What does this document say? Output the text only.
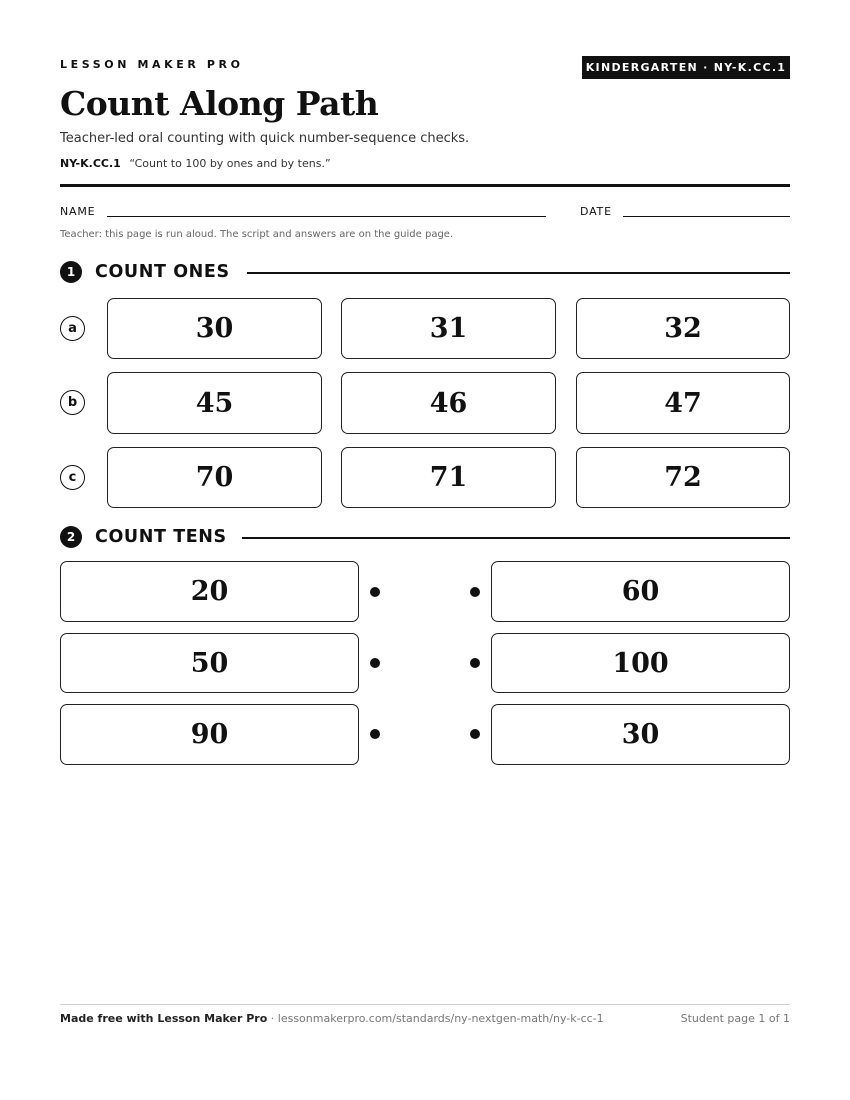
LESSON MAKER PRO	KINDERGARTEN · NY-K.CC.1
Count Along Path
Teacher-led oral counting with quick number-sequence checks.
NY-K.CC.1 “Count to 100 by ones and by tens.”
NAME	DATE
Teacher: this page is run aloud. The script and answers are on the guide page.
1	COUNT ONES
a	30	31	32
b	45	46	47
c	70	71	72
2	COUNT TENS
20	60
50	100
90	30
Made free with Lesson Maker Pro · lessonmakerpro.com/standards/ny-nextgen-math/ny-k-cc-1	Student page 1 of 1
